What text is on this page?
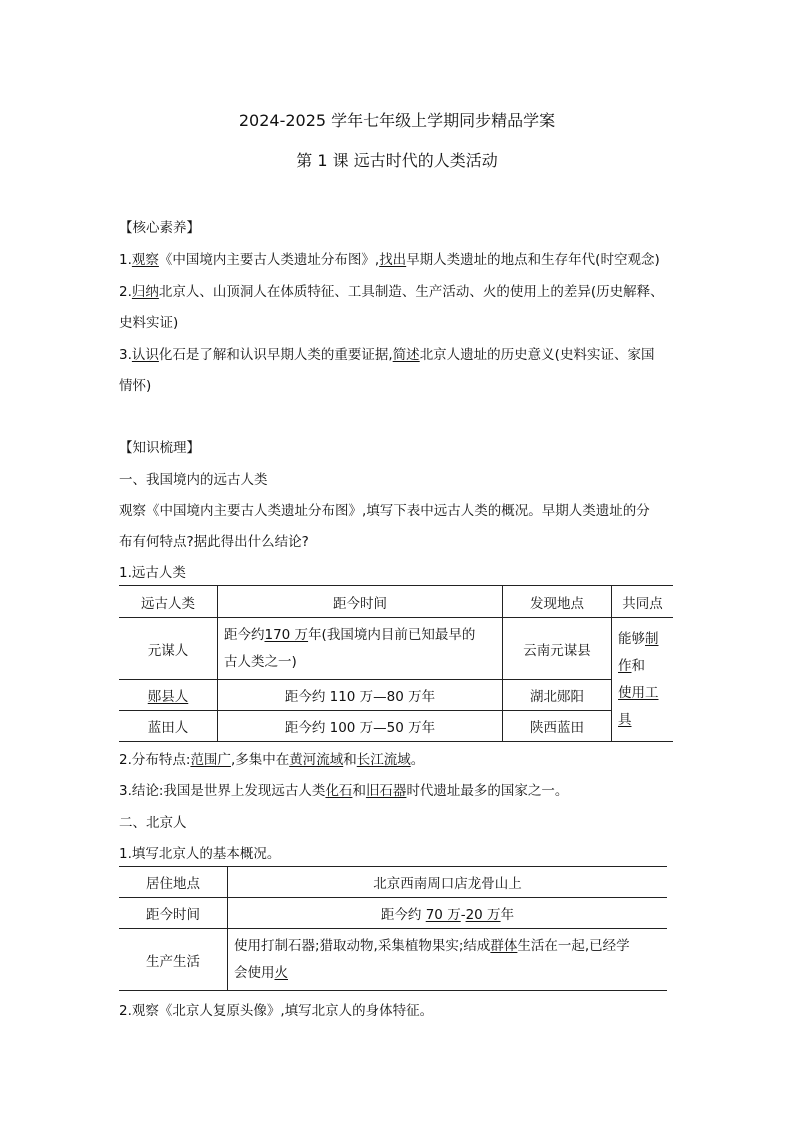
2024-2025 学年七年级上学期同步精品学案
第 1 课 远古时代的人类活动
【核心素养】
1.观察《中国境内主要古人类遗址分布图》,找出早期人类遗址的地点和生存年代(时空观念)
2.归纳北京人、山顶洞人在体质特征、工具制造、生产活动、火的使用上的差异(历史解释、
史料实证)
3.认识化石是了解和认识早期人类的重要证据,简述北京人遗址的历史意义(史料实证、家国
情怀)
【知识梳理】
一、我国境内的远古人类
观察《中国境内主要古人类遗址分布图》,填写下表中远古人类的概况。早期人类遗址的分
布有何特点?据此得出什么结论?
1.远古人类
远古人类	距今时间	发现地点	共同点
元谋人	距今约170 万年(我国境内目前已知最早的
古人类之一)	云南元谋县	能够制作和
使用工具
郧县人	距今约 110 万—80 万年	湖北郧阳	
蓝田人	距今约 100 万—50 万年	陕西蓝田	
2.分布特点:范围广,多集中在黄河流域和长江流域。
3.结论:我国是世界上发现远古人类化石和旧石器时代遗址最多的国家之一。
二、北京人
1.填写北京人的基本概况。
居住地点	北京西南周口店龙骨山上
距今时间	距今约 70 万-20 万年
生产生活	使用打制石器;猎取动物,采集植物果实;结成群体生活在一起,已经学
会使用火
2.观察《北京人复原头像》,填写北京人的身体特征。
